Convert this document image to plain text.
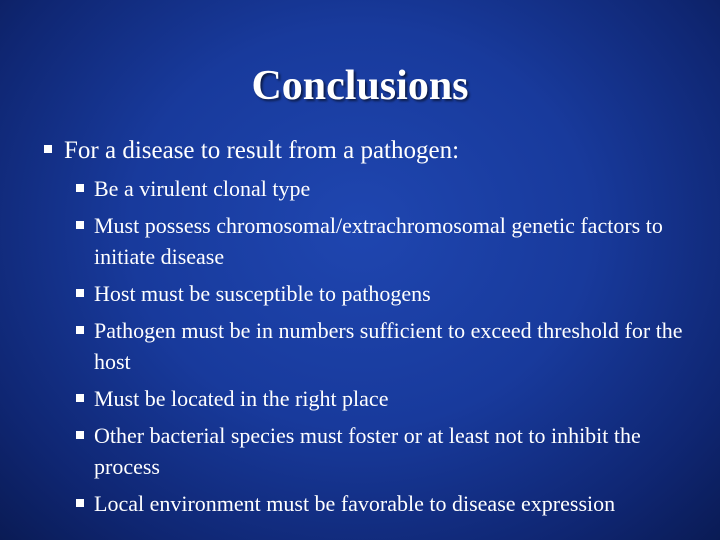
Conclusions
For a disease to result from a pathogen:
Be a virulent clonal type
Must possess chromosomal/extrachromosomal genetic factors to initiate disease
Host must be susceptible to pathogens
Pathogen must be in numbers sufficient to exceed threshold for the host
Must be located in the right place
Other bacterial species must foster or at least not to inhibit the process
Local environment must be favorable to disease expression
